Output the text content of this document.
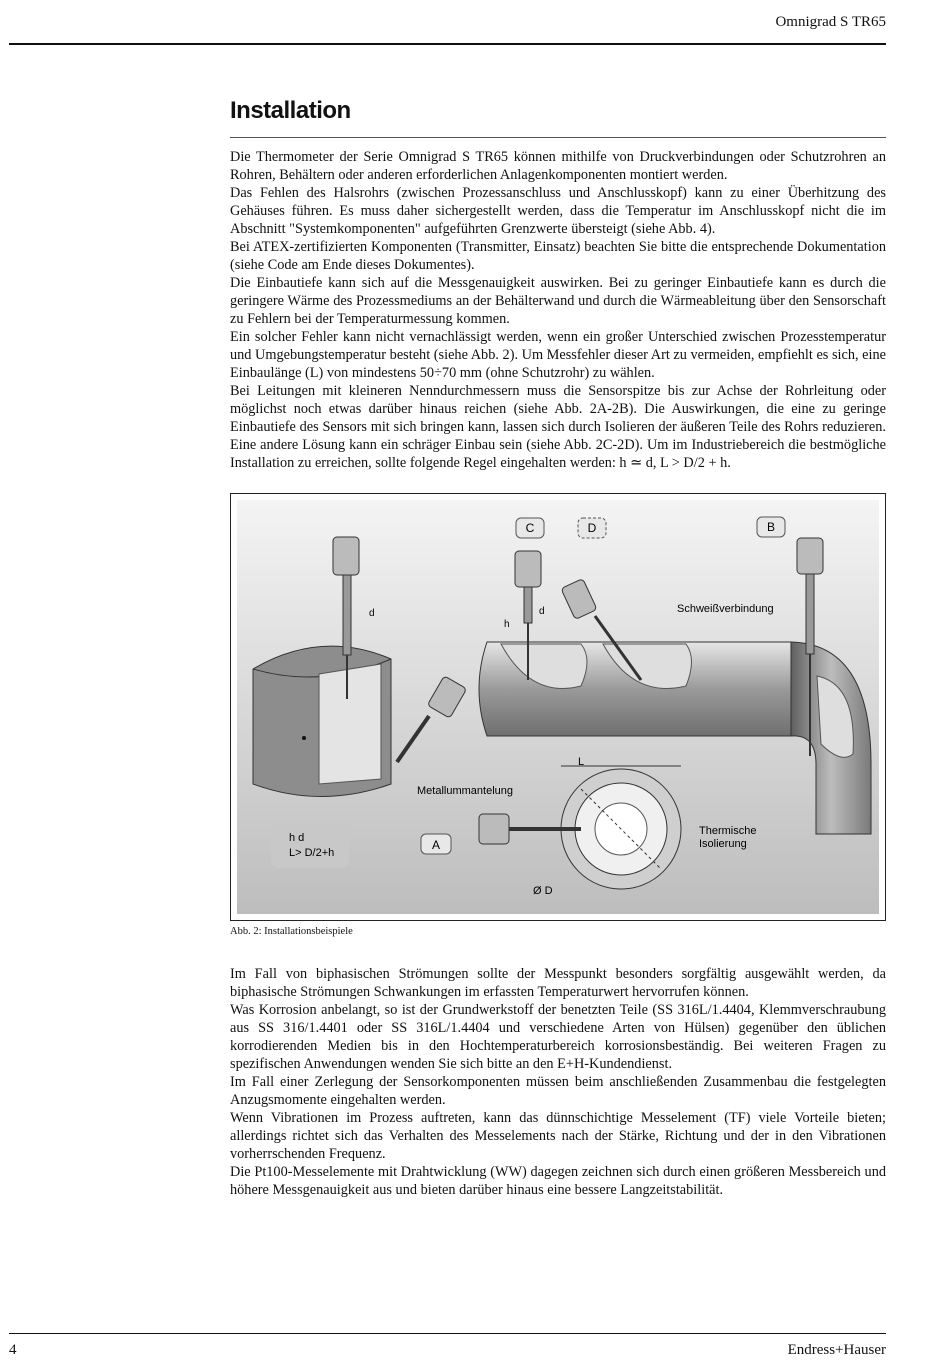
Omnigrad S TR65
Installation

Die Thermometer der Serie Omnigrad S TR65 können mithilfe von Druckverbindungen oder Schutzrohren an Rohren, Behältern oder anderen erforderlichen Anlagenkomponenten montiert werden.

Das Fehlen des Halsrohrs (zwischen Prozessanschluss und Anschlusskopf) kann zu einer Überhitzung des Gehäuses führen. Es muss daher sichergestellt werden, dass die Temperatur im Anschlusskopf nicht die im Abschnitt "Systemkomponenten" aufgeführten Grenzwerte übersteigt (siehe Abb. 4).

Bei ATEX-zertifizierten Komponenten (Transmitter, Einsatz) beachten Sie bitte die entsprechende Dokumentation (siehe Code am Ende dieses Dokumentes).

Die Einbautiefe kann sich auf die Messgenauigkeit auswirken. Bei zu geringer Einbautiefe kann es durch die geringere Wärme des Prozessmediums an der Behälterwand und durch die Wärmeableitung über den Sensorschaft zu Fehlern bei der Temperaturmessung kommen.

Ein solcher Fehler kann nicht vernachlässigt werden, wenn ein großer Unterschied zwischen Prozesstemperatur und Umgebungstemperatur besteht (siehe Abb. 2). Um Messfehler dieser Art zu vermeiden, empfiehlt es sich, eine Einbaulänge (L) von mindestens 50÷70 mm (ohne Schutzrohr) zu wählen.

Bei Leitungen mit kleineren Nenndurchmessern muss die Sensorspitze bis zur Achse der Rohrleitung oder möglichst noch etwas darüber hinaus reichen (siehe Abb. 2A-2B). Die Auswirkungen, die eine zu geringe Einbautiefe des Sensors mit sich bringen kann, lassen sich durch Isolieren der äußeren Teile des Rohrs reduzieren. Eine andere Lösung kann ein schräger Einbau sein (siehe Abb. 2C-2D). Um im Industriebereich die bestmögliche Installation zu erreichen, sollte folgende Regel eingehalten werden: h ≃ d, L > D/2 + h.

d
h
d
h d
L> D/2+h
C	D	B
A
Schweißverbindung
Metallummantelung
L
Thermische
Isolierung
Ø D
Abb. 2: Installationsbeispiele

Im Fall von biphasischen Strömungen sollte der Messpunkt besonders sorgfältig ausgewählt werden, da biphasische Strömungen Schwankungen im erfassten Temperaturwert hervorrufen können.

Was Korrosion anbelangt, so ist der Grundwerkstoff der benetzten Teile (SS 316L/1.4404, Klemmverschraubung aus SS 316/1.4401 oder SS 316L/1.4404 und verschiedene Arten von Hülsen) gegenüber den üblichen korrodierenden Medien bis in den Hochtemperaturbereich korrosionsbeständig. Bei weiteren Fragen zu spezifischen Anwendungen wenden Sie sich bitte an den E+H-Kundendienst.

Im Fall einer Zerlegung der Sensorkomponenten müssen beim anschließenden Zusammenbau die festgelegten Anzugsmomente eingehalten werden.

Wenn Vibrationen im Prozess auftreten, kann das dünnschichtige Messelement (TF) viele Vorteile bieten; allerdings richtet sich das Verhalten des Messelements nach der Stärke, Richtung und der in den Vibrationen vorherrschenden Frequenz.

Die Pt100-Messelemente mit Drahtwicklung (WW) dagegen zeichnen sich durch einen größeren Messbereich und höhere Messgenauigkeit aus und bieten darüber hinaus eine bessere Langzeitstabilität.

4	Endress+Hauser
